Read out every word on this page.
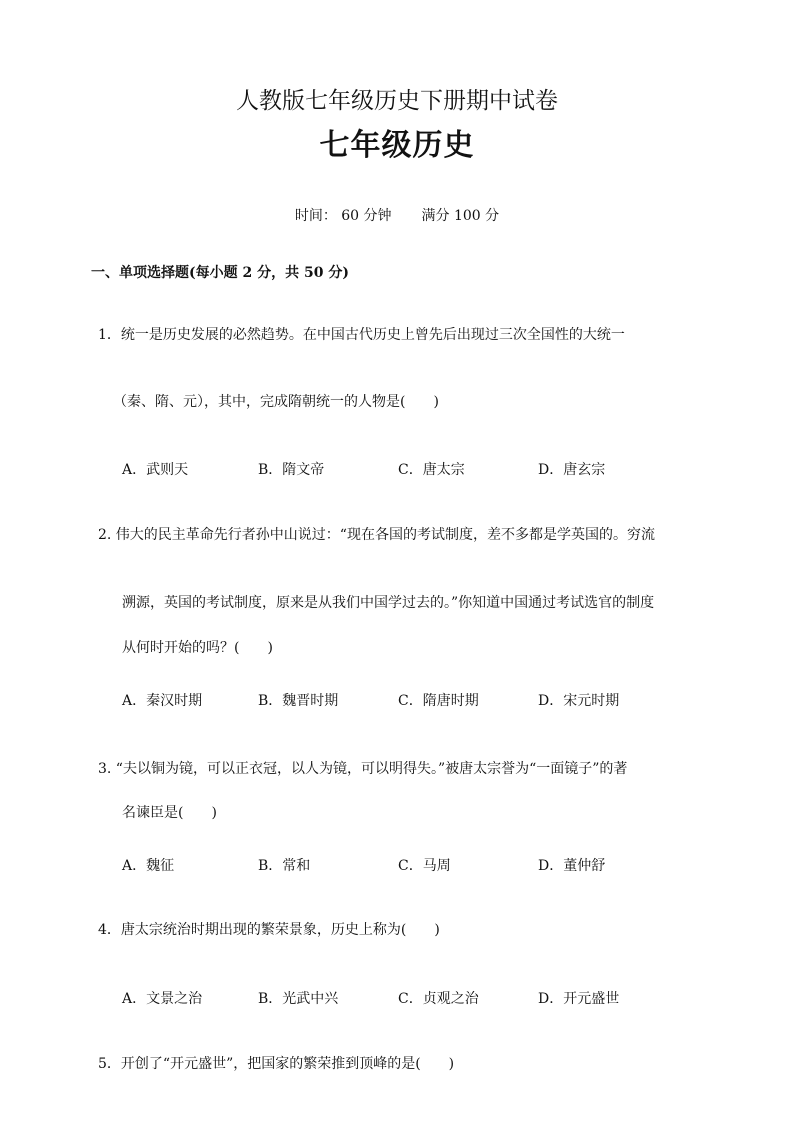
人教版七年级历史下册期中试卷
七年级历史
时间： 60 分钟 满分 100 分
一、单项选择题(每小题 2 分，共 50 分)
1．统一是历史发展的必然趋势。在中国古代历史上曾先后出现过三次全国性的大统一
（秦、隋、元），其中，完成隋朝统一的人物是(　　)
A．武则天	B．隋文帝	C．唐太宗	D．唐玄宗
2. 伟大的民主革命先行者孙中山说过：“现在各国的考试制度，差不多都是学英国的。穷流
溯源，英国的考试制度，原来是从我们中国学过去的。”你知道中国通过考试选官的制度
从何时开始的吗？(　　)
A．秦汉时期	B．魏晋时期	C．隋唐时期	D．宋元时期
3. “夫以铜为镜，可以正衣冠，以人为镜，可以明得失。”被唐太宗誉为“一面镜子”的著
名谏臣是(　　)
A．魏征	B．常和	C．马周	D．董仲舒
4．唐太宗统治时期出现的繁荣景象，历史上称为(　　)
A．文景之治	B．光武中兴	C．贞观之治	D．开元盛世
5．开创了“开元盛世”，把国家的繁荣推到顶峰的是(　　)
